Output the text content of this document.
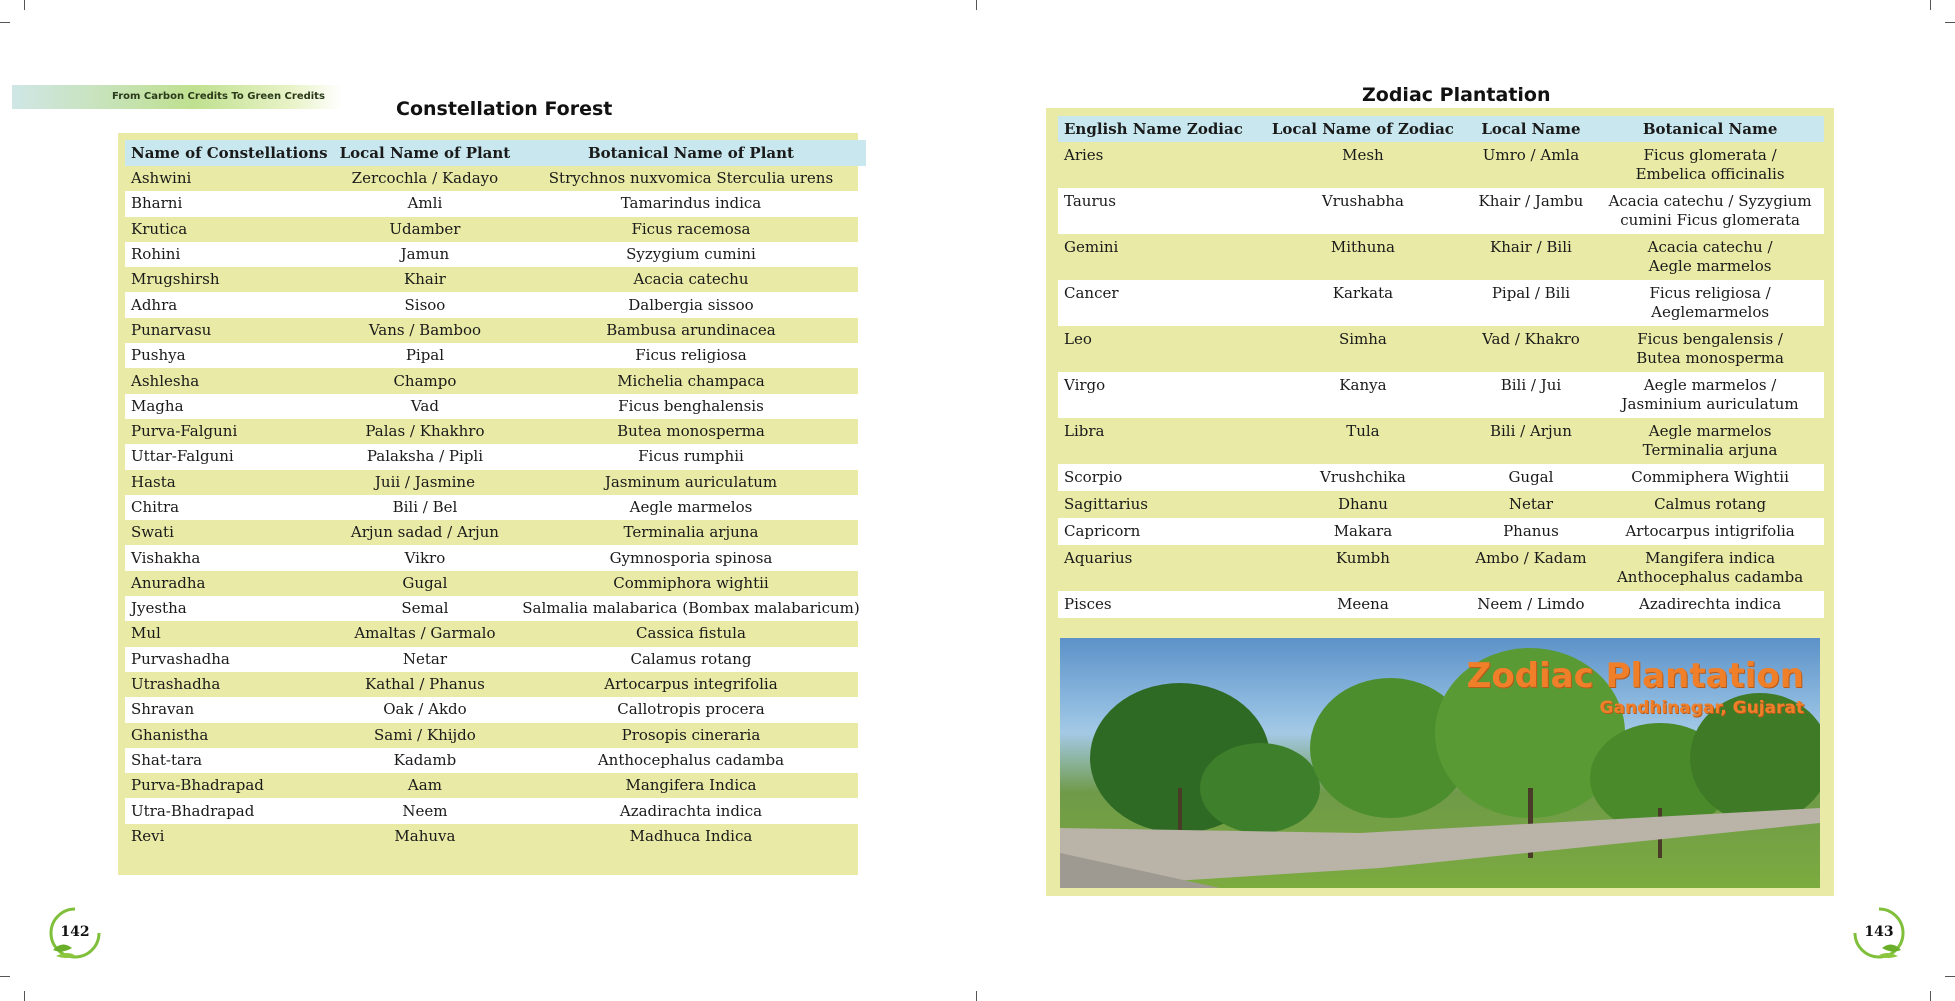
From Carbon Credits To Green Credits
Constellation Forest
Name of Constellations	Local Name of Plant	Botanical Name of Plant
Ashwini	Zercochla / Kadayo	Strychnos nuxvomica Sterculia urens
Bharni	Amli	Tamarindus indica
Krutica	Udamber	Ficus racemosa
Rohini	Jamun	Syzygium cumini
Mrugshirsh	Khair	Acacia catechu
Adhra	Sisoo	Dalbergia sissoo
Punarvasu	Vans / Bamboo	Bambusa arundinacea
Pushya	Pipal	Ficus religiosa
Ashlesha	Champo	Michelia champaca
Magha	Vad	Ficus benghalensis
Purva-Falguni	Palas / Khakhro	Butea monosperma
Uttar-Falguni	Palaksha / Pipli	Ficus rumphii
Hasta	Juii / Jasmine	Jasminum auriculatum
Chitra	Bili / Bel	Aegle marmelos
Swati	Arjun sadad / Arjun	Terminalia arjuna
Vishakha	Vikro	Gymnosporia spinosa
Anuradha	Gugal	Commiphora wightii
Jyestha	Semal	Salmalia malabarica (Bombax malabaricum)
Mul	Amaltas / Garmalo	Cassica fistula
Purvashadha	Netar	Calamus rotang
Utrashadha	Kathal / Phanus	Artocarpus integrifolia
Shravan	Oak / Akdo	Callotropis procera
Ghanistha	Sami / Khijdo	Prosopis cineraria
Shat-tara	Kadamb	Anthocephalus cadamba
Purva-Bhadrapad	Aam	Mangifera Indica
Utra-Bhadrapad	Neem	Azadirachta indica
Revi	Mahuva	Madhuca Indica
142
Zodiac Plantation
English Name Zodiac	Local Name of Zodiac	Local Name	Botanical Name
Aries	Mesh	Umro / Amla	Ficus glomerata /
Embelica officinalis

Taurus	Vrushabha	Khair / Jambu	Acacia catechu / Syzygium
cumini Ficus glomerata

Gemini	Mithuna	Khair / Bili	Acacia catechu /
Aegle marmelos

Cancer	Karkata	Pipal / Bili	Ficus religiosa /
Aeglemarmelos

Leo	Simha	Vad / Khakro	Ficus bengalensis /
Butea monosperma

Virgo	Kanya	Bili / Jui	Aegle marmelos /
Jasminium auriculatum

Libra	Tula	Bili / Arjun	Aegle marmelos
Terminalia arjuna

Scorpio	Vrushchika	Gugal	Commiphera Wightii

Sagittarius	Dhanu	Netar	Calmus rotang

Capricorn	Makara	Phanus	Artocarpus intigrifolia

Aquarius	Kumbh	Ambo / Kadam	Mangifera indica
Anthocephalus cadamba

Pisces	Meena	Neem / Limdo	Azadirechta indica
Zodiac Plantation
Gandhinagar, Gujarat
143
